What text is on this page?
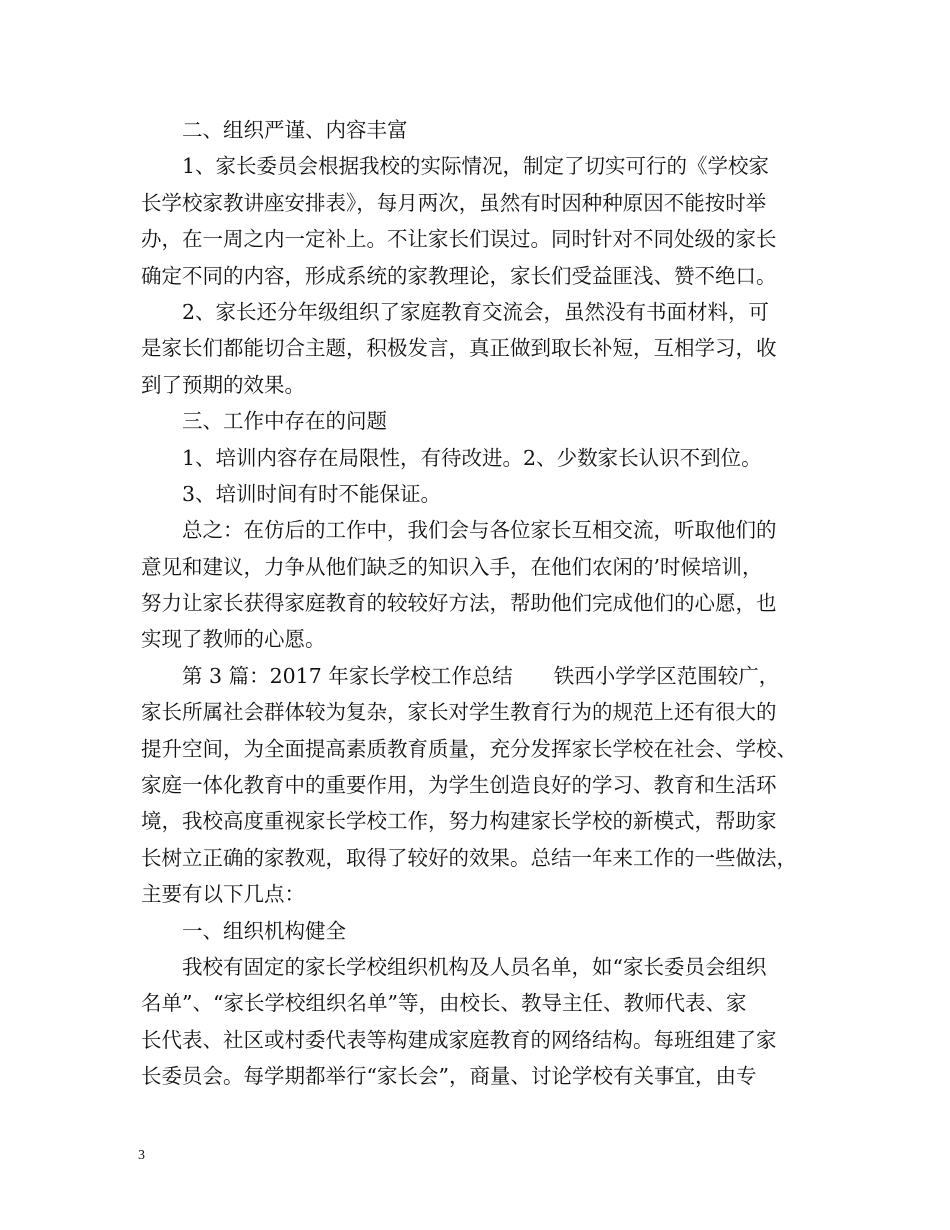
二、组织严谨、内容丰富
1、家长委员会根据我校的实际情况，制定了切实可行的《学校家
长学校家教讲座安排表》，每月两次，虽然有时因种种原因不能按时举
办，在一周之内一定补上。不让家长们误过。同时针对不同处级的家长
确定不同的内容，形成系统的家教理论，家长们受益匪浅、赞不绝口。
2、家长还分年级组织了家庭教育交流会，虽然没有书面材料，可
是家长们都能切合主题，积极发言，真正做到取长补短，互相学习，收
到了预期的效果。
三、工作中存在的问题
1、培训内容存在局限性，有待改进。2、少数家长认识不到位。
3、培训时间有时不能保证。
总之：在仿后的工作中，我们会与各位家长互相交流，听取他们的
意见和建议，力争从他们缺乏的知识入手，在他们农闲的’时候培训，
努力让家长获得家庭教育的较较好方法，帮助他们完成他们的心愿，也
实现了教师的心愿。
第 3 篇：2017 年家长学校工作总结　　铁西小学学区范围较广，
家长所属社会群体较为复杂，家长对学生教育行为的规范上还有很大的
提升空间，为全面提高素质教育质量，充分发挥家长学校在社会、学校、
家庭一体化教育中的重要作用，为学生创造良好的学习、教育和生活环
境，我校高度重视家长学校工作，努力构建家长学校的新模式，帮助家
长树立正确的家教观，取得了较好的效果。总结一年来工作的一些做法，
主要有以下几点：
一、组织机构健全
我校有固定的家长学校组织机构及人员名单，如“家长委员会组织
名单”、“家长学校组织名单”等，由校长、教导主任、教师代表、家
长代表、社区或村委代表等构建成家庭教育的网络结构。每班组建了家
长委员会。每学期都举行“家长会”，商量、讨论学校有关事宜，由专
3
